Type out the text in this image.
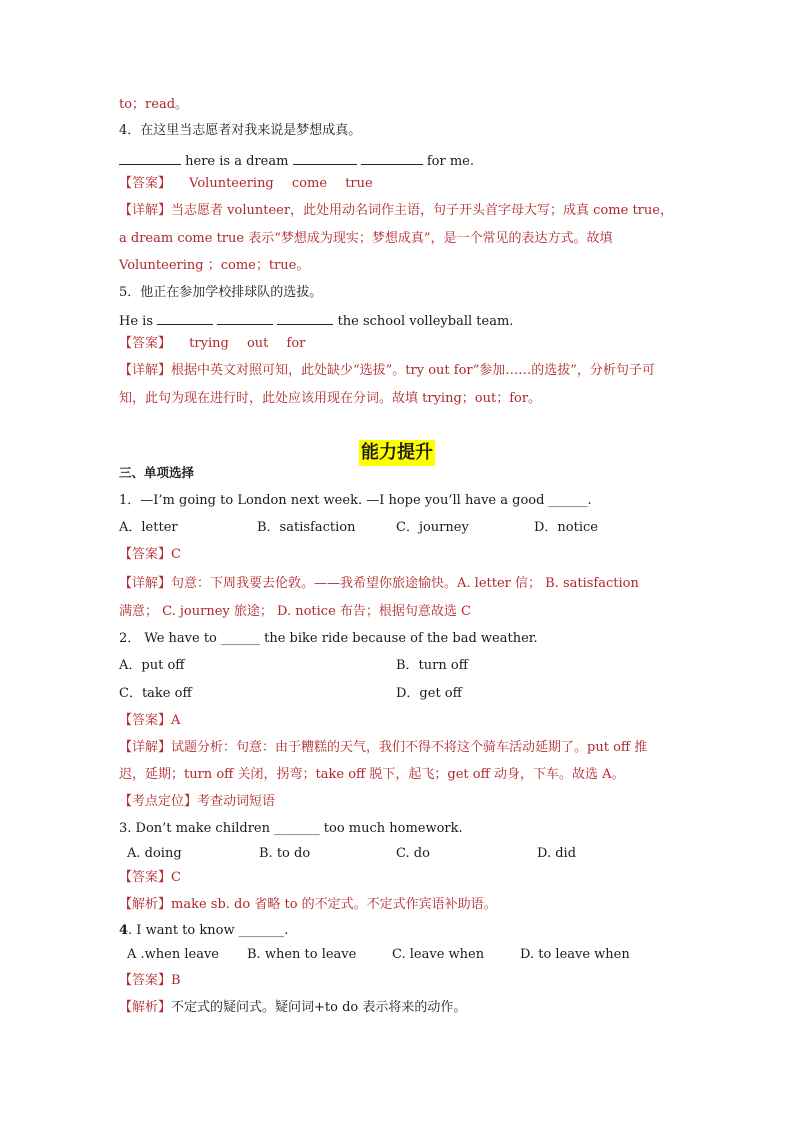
to；read。
4．在这里当志愿者对我来说是梦想成真。
here is a dream	for me.
【答案】 Volunteering come true
【详解】当志愿者 volunteer，此处用动名词作主语，句子开头首字母大写；成真 come true，
a dream come true 表示“梦想成为现实；梦想成真”，是一个常见的表达方式。故填
Volunteering ；come；true。
5．他正在参加学校排球队的选拔。
He is	the school volleyball team.
【答案】 trying out for
【详解】根据中英文对照可知，此处缺少“选拔”。try out for“参加……的选拔”，分析句子可
知，此句为现在进行时，此处应该用现在分词。故填 trying；out；for。
能力提升
三、单项选择
1．—I’m going to London next week. —I hope you’ll have a good ______.
A．letter	B．satisfaction	C．journey	D．notice
【答案】C
【详解】句意：下周我要去伦敦。——我希望你旅途愉快。A. letter 信； B. satisfaction
满意； C. journey 旅途； D. notice 布告；根据句意故选 C
2． We have to ______ the bike ride because of the bad weather.
A．put off	B．turn off
C．take off	D．get off
【答案】A
【详解】试题分析：句意：由于糟糕的天气，我们不得不将这个骑车活动延期了。put off 推
迟，延期；turn off 关闭，拐弯；take off 脱下，起飞；get off 动身，下车。故选 A。
【考点定位】考查动词短语
3. Don’t make children _______ too much homework.
A. doing	B. to do	C. do	D. did
【答案】C
【解析】make sb. do 省略 to 的不定式。不定式作宾语补助语。
4. I want to know _______.
A .when leave B. when to leave	C. leave when	D. to leave when
【答案】B
【解析】不定式的疑问式。疑问词+to do 表示将来的动作。
